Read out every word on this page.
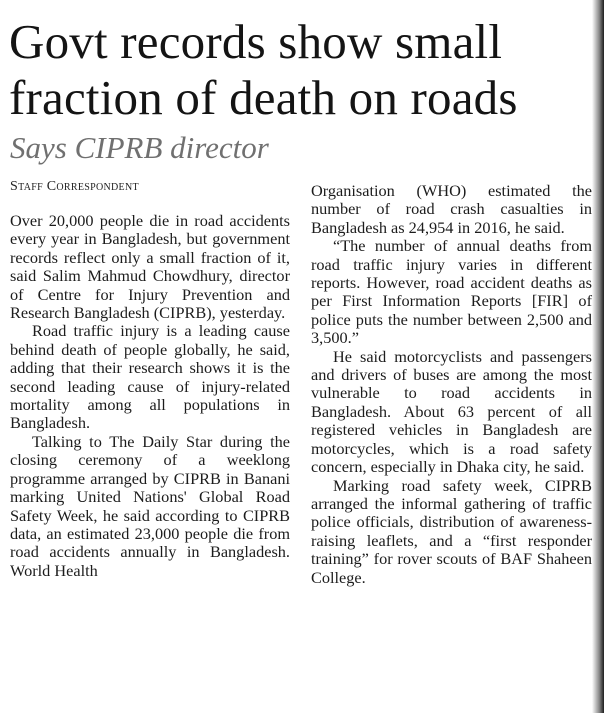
Govt records show small
fraction of death on roads
Says CIPRB director
Staff Correspondent

Over 20,000 people die in road accidents every year in Bangladesh, but government records reflect only a small fraction of it, said Salim Mahmud Chowdhury, director of Centre for Injury Prevention and Research Bangladesh (CIPRB), yesterday.

Road traffic injury is a leading cause behind death of people globally, he said, adding that their research shows it is the second leading cause of injury-related mortality among all populations in Bangladesh.

Talking to The Daily Star during the closing ceremony of a weeklong programme arranged by CIPRB in Banani marking United Nations' Global Road Safety Week, he said according to CIPRB data, an estimated 23,000 people die from road accidents annually in Bangladesh. World Health

Organisation (WHO) estimated the number of road crash casualties in Bangladesh as 24,954 in 2016, he said.

“The number of annual deaths from road traffic injury varies in different reports. However, road accident deaths as per First Information Reports [FIR] of police puts the number between 2,500 and 3,500.”

He said motorcyclists and passengers and drivers of buses are among the most vulnerable to road accidents in Bangladesh. About 63 percent of all registered vehicles in Bangladesh are motorcycles, which is a road safety concern, especially in Dhaka city, he said.

Marking road safety week, CIPRB arranged the informal gathering of traffic police officials, distribution of awareness-raising leaflets, and a “first responder training” for rover scouts of BAF Shaheen College.
